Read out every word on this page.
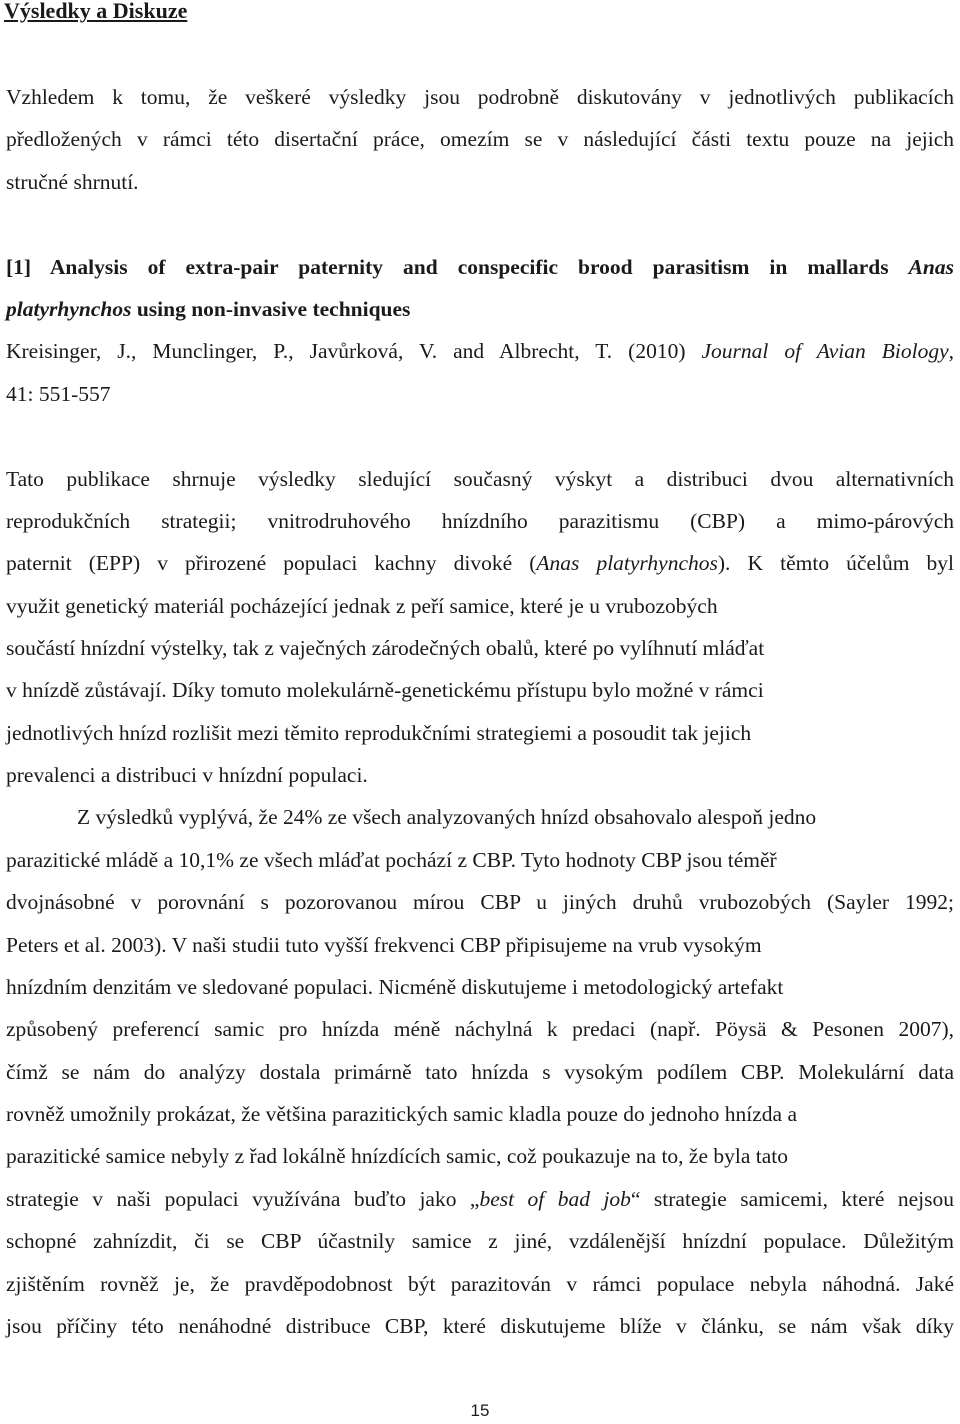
Výsledky a Diskuze

Vzhledem k tomu, že veškeré výsledky jsou podrobně diskutovány v jednotlivých publikacích

předložených v rámci této disertační práce, omezím se v následující části textu pouze na jejich

stručné shrnutí.

[1] Analysis of extra-pair paternity and conspecific brood parasitism in mallards Anas

platyrhynchos using non-invasive techniques

Kreisinger, J., Munclinger, P., Javůrková, V. and Albrecht, T. (2010) Journal of Avian Biology,

41: 551-557

Tato publikace shrnuje výsledky sledující současný výskyt a distribuci dvou alternativních

reprodukčních strategii; vnitrodruhového hnízdního parazitismu (CBP) a mimo-párových

paternit (EPP) v přirozené populaci kachny divoké (Anas platyrhynchos). K těmto účelům byl

využit genetický materiál pocházející jednak z peří samice, které je u vrubozobých

součástí hnízdní výstelky, tak z vaječných zárodečných obalů, které po vylíhnutí mláďat

v hnízdě zůstávají. Díky tomuto molekulárně-genetickému přístupu bylo možné v rámci

jednotlivých hnízd rozlišit mezi těmito reprodukčními strategiemi a posoudit tak jejich

prevalenci a distribuci v hnízdní populaci.

Z výsledků vyplývá, že 24% ze všech analyzovaných hnízd obsahovalo alespoň jedno

parazitické mládě a 10,1% ze všech mláďat pochází z CBP. Tyto hodnoty CBP jsou téměř

dvojnásobné v porovnání s pozorovanou mírou CBP u jiných druhů vrubozobých (Sayler 1992;

Peters et al. 2003). V naši studii tuto vyšší frekvenci CBP připisujeme na vrub vysokým

hnízdním denzitám ve sledované populaci. Nicméně diskutujeme i metodologický artefakt

způsobený preferencí samic pro hnízda méně náchylná k predaci (např. Pöysä & Pesonen 2007),

čímž se nám do analýzy dostala primárně tato hnízda s vysokým podílem CBP. Molekulární data

rovněž umožnily prokázat, že většina parazitických samic kladla pouze do jednoho hnízda a

parazitické samice nebyly z řad lokálně hnízdících samic, což poukazuje na to, že byla tato

strategie v naši populaci využívána buďto jako „best of bad job“ strategie samicemi, které nejsou

schopné zahnízdit, či se CBP účastnily samice z jiné, vzdálenější hnízdní populace. Důležitým

zjištěním rovněž je, že pravděpodobnost být parazitován v rámci populace nebyla náhodná. Jaké

jsou příčiny této nenáhodné distribuce CBP, které diskutujeme blíže v článku, se nám však díky

15
